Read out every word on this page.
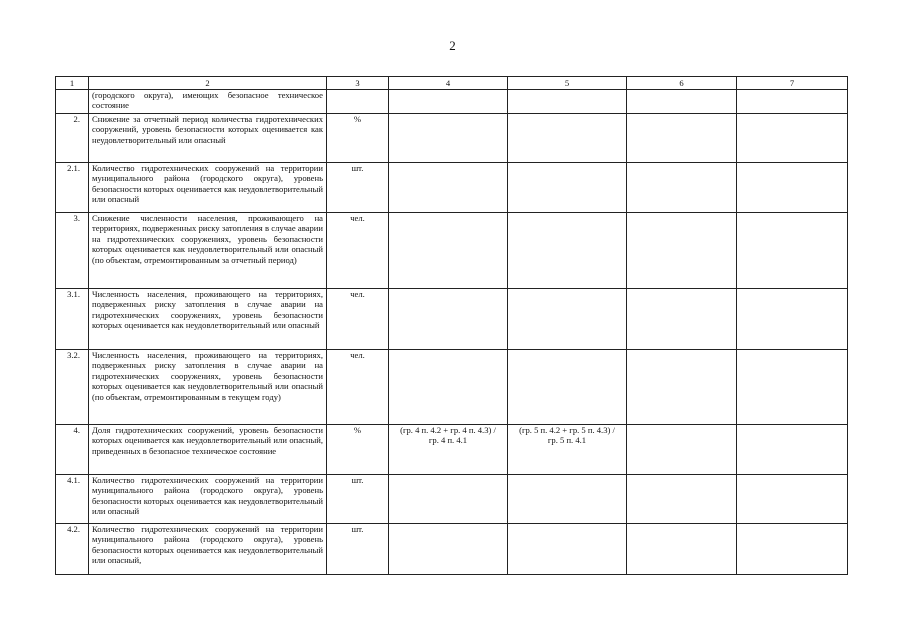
2
1	2	3	4	5	6	7
	(городского округа), имеющих безопасное техническое состояние					
2.	Снижение за отчетный период количества гидротехнических сооружений, уровень безопасности которых оценивается как неудовлетворительный или опасный	%				
2.1.	Количество гидротехнических сооружений на территории муниципального района (городского округа), уровень безопасности которых оценивается как неудовлетворительный или опасный	шт.				
3.	Снижение численности населения, проживающего на территориях, подверженных риску затопления в случае аварии на гидротехнических сооружениях, уровень безопасности которых оценивается как неудовлетворительный или опасный (по объектам, отремонтированным за отчетный период)	чел.				
3.1.	Численность населения, проживающего на территориях, подверженных риску затопления в случае аварии на гидротехнических сооружениях, уровень безопасности которых оценивается как неудовлетворительный или опасный	чел.				
3.2.	Численность населения, проживающего на территориях, подверженных риску затопления в случае аварии на гидротехнических сооружениях, уровень безопасности которых оценивается как неудовлетворительный или опасный (по объектам, отремонтированным в текущем году)	чел.				
4.	Доля гидротехнических сооружений, уровень безопасности которых оценивается как неудовлетворительный или опасный, приведенных в безопасное техническое состояние	%	(гр. 4 п. 4.2 + гр. 4 п. 4.3) / гр. 4 п. 4.1	(гр. 5 п. 4.2 + гр. 5 п. 4.3) / гр. 5 п. 4.1		
4.1.	Количество гидротехнических сооружений на территории муниципального района (городского округа), уровень безопасности которых оценивается как неудовлетворительный или опасный	шт.				
4.2.	Количество гидротехнических сооружений на территории муниципального района (городского округа), уровень безопасности которых оценивается как неудовлетворительный или опасный,	шт.				
